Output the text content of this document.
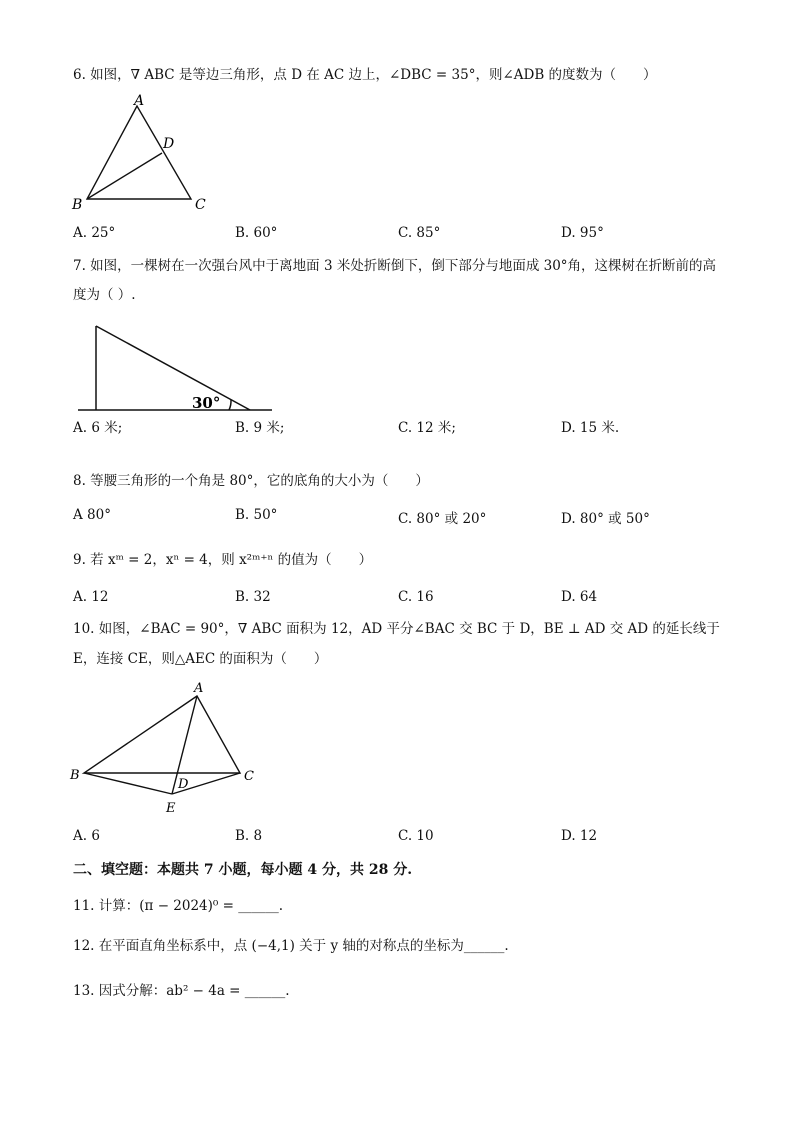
6. 如图，∇ ABC 是等边三角形，点 D 在 AC 边上，∠DBC = 35°，则∠ADB 的度数为（　　）
A
D
B	C
A. 25°	B. 60°	C. 85°	D. 95°
7. 如图，一棵树在一次强台风中于离地面 3 米处折断倒下，倒下部分与地面成 30°角，这棵树在折断前的高
度为（ ）.
30°
A. 6 米;	B. 9 米;	C. 12 米;	D. 15 米.
8. 等腰三角形的一个角是 80°，它的底角的大小为（　　）
A 80°	B. 50°	C. 80° 或 20°	D. 80° 或 50°
9. 若 xᵐ = 2，xⁿ = 4，则 x²ᵐ⁺ⁿ 的值为（　　）
A. 12	B. 32	C. 16	D. 64
10. 如图，∠BAC = 90°，∇ ABC 面积为 12，AD 平分∠BAC 交 BC 于 D，BE ⊥ AD 交 AD 的延长线于
E，连接 CE，则△AEC 的面积为（　　）
A
B	C
D
E
A. 6	B. 8	C. 10	D. 12
二、填空题：本题共 7 小题，每小题 4 分，共 28 分.
11. 计算：(π − 2024)⁰ = ______.
12. 在平面直角坐标系中，点 (−4,1) 关于 y 轴的对称点的坐标为______.
13. 因式分解：ab² − 4a = ______.
